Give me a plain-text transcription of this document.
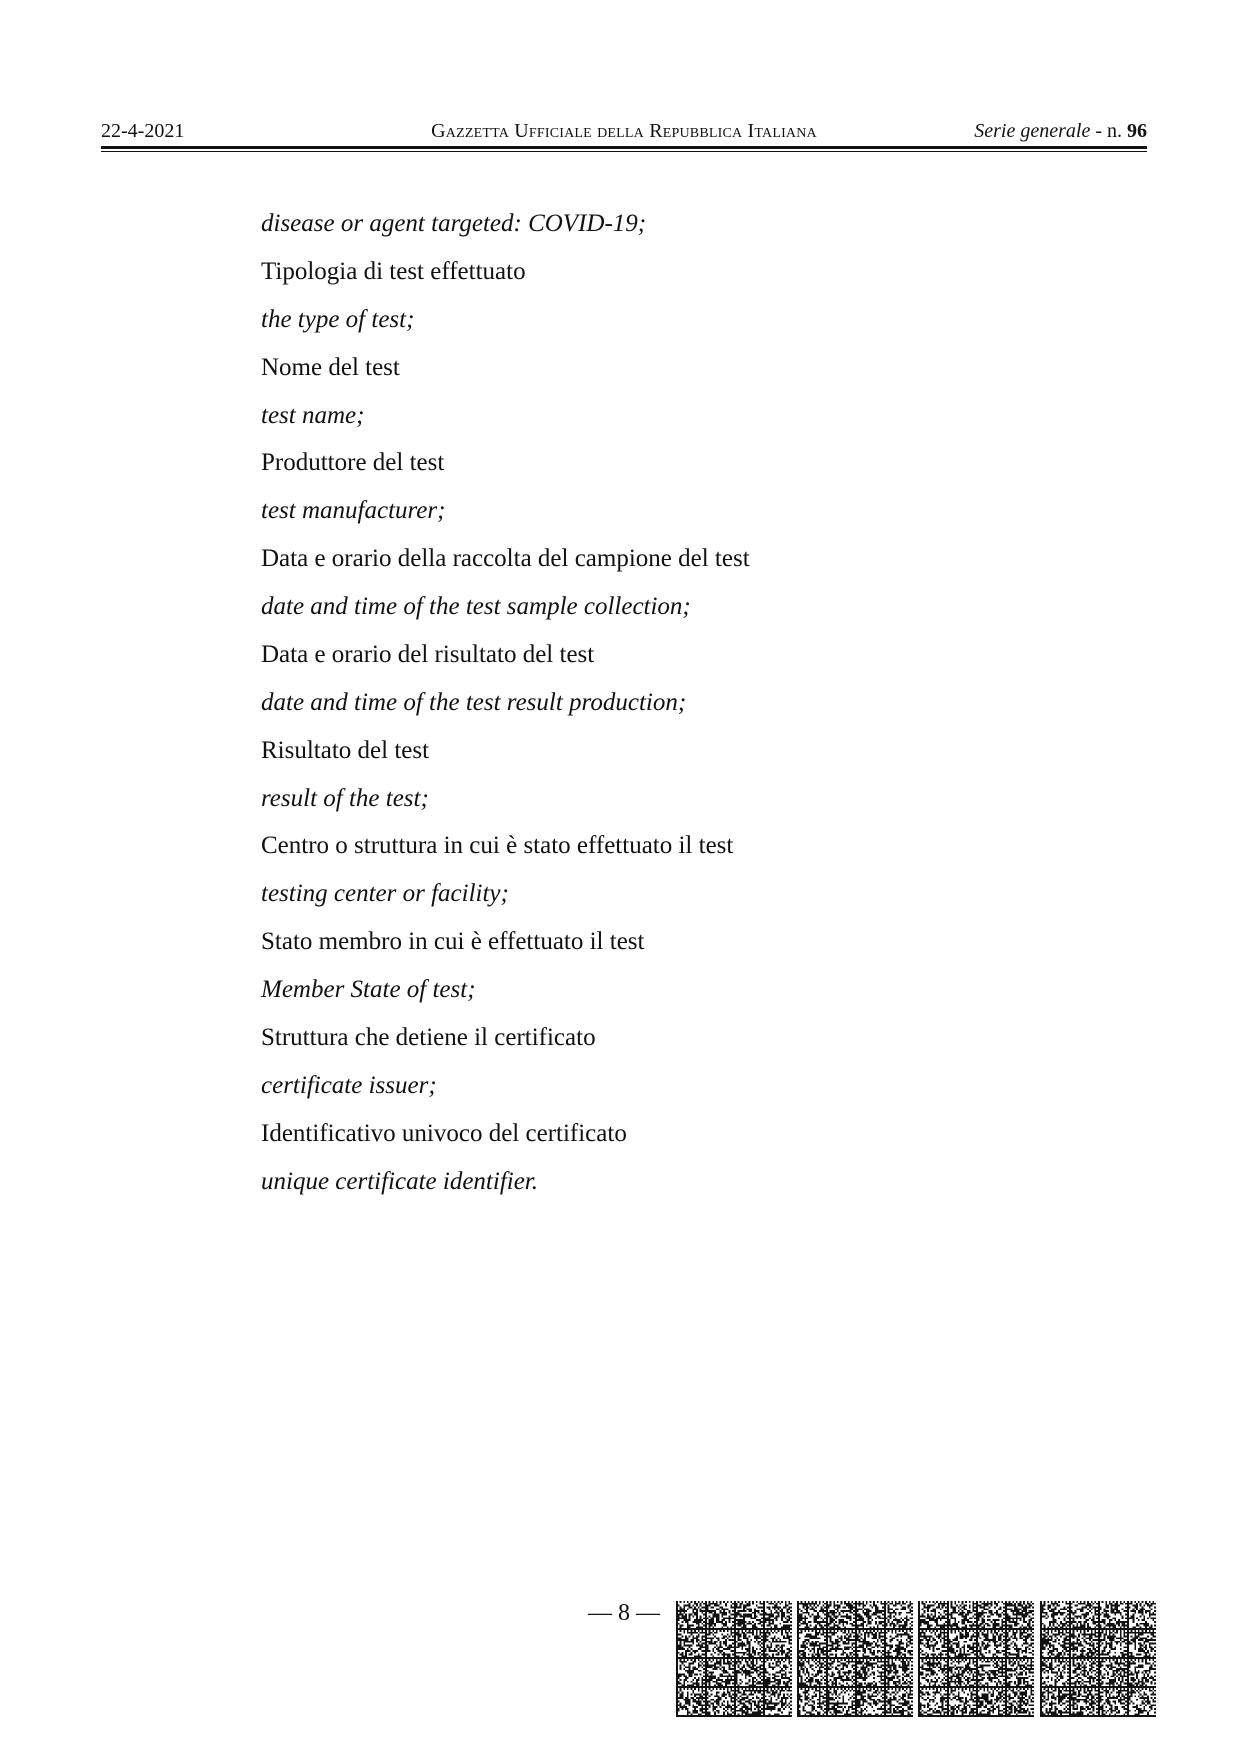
22-4-2021	Gazzetta Ufficiale della Repubblica Italiana	Serie generale - n. 96

disease or agent targeted: COVID-19;

Tipologia di test effettuato

the type of test;

Nome del test

test name;

Produttore del test

test manufacturer;

Data e orario della raccolta del campione del test

date and time of the test sample collection;

Data e orario del risultato del test

date and time of the test result production;

Risultato del test

result of the test;

Centro o struttura in cui è stato effettuato il test

testing center or facility;

Stato membro in cui è effettuato il test

Member State of test;

Struttura che detiene il certificato

certificate issuer;

Identificativo univoco del certificato

unique certificate identifier.

— 8 —
